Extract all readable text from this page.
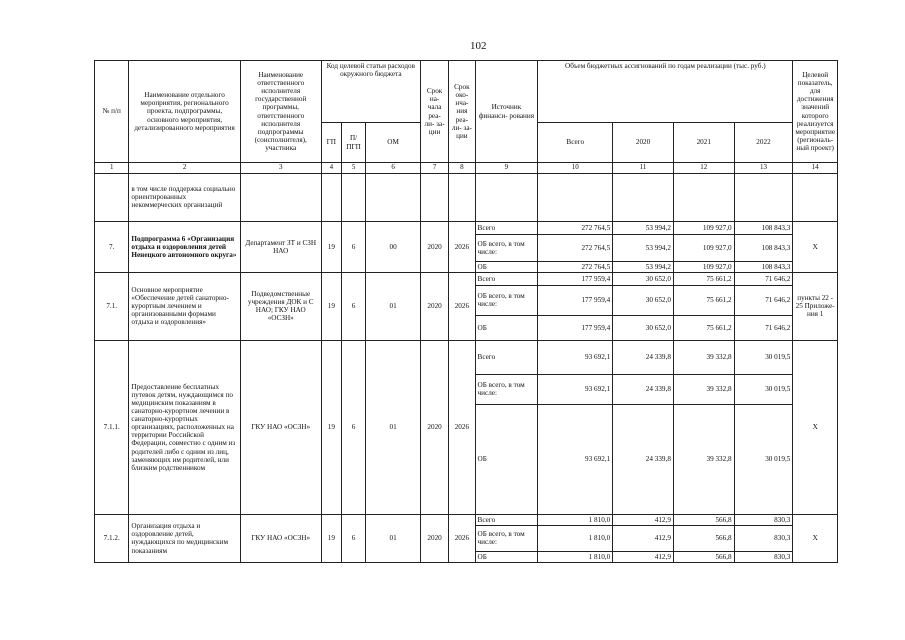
102
№ п/п	Наименование отдельного мероприятия, регионального проекта, подпрограммы, основного мероприятия, детализированного мероприятия	Наименование ответственного исполнителя государственной программы, ответственного исполнителя подпрограммы (соисполнителя), участника	Код целевой статьи расходов окружного бюджета			Срок на- чала реа- ли- за- ции	Срок око- нча- ния реа- ли- за- ции	Источник финанси- рования	Объем бюджетных ассигнований по годам реализации (тыс. руб.)				Целевой показатель, для достижения значений которого реализуется мероприятие (региональ- ный проект)
			ГП	П/ ПГП	ОМ				Всего	2020	2021	2022	
1	2	3	4	5	6	7	8	9	10	11	12	13	14
	в том числе поддержка социально ориентированных некоммерческих организаций												
7.	Подпрограмма 6 «Организация отдыха и оздоровления детей Ненецкого автономного округа»	Департамент ЗТ и СЗН НАО	19	6	00	2020	2026	Всего	272 764,5	53 994,2	109 927,0	108 843,3	Х
								ОБ всего, в том числе:	272 764,5	53 994,2	109 927,0	108 843,3	
								ОБ	272 764,5	53 994,2	109 927,0	108 843,3	
7.1.	Основное мероприятие «Обеспечение детей санаторно-курортным лечением и организованными формами отдыха и оздоровления»	Подведомственные учреждения ДОК и С НАО; ГКУ НАО «ОСЗН»	19	6	01	2020	2026	Всего	177 959,4	30 652,0	75 661,2	71 646,2	пункты 22 - 25 Приложе-ния 1
								ОБ всего, в том числе:	177 959,4	30 652,0	75 661,2	71 646,2	
								ОБ	177 959,4	30 652,0	75 661,2	71 646,2	
7.1.1.	Предоставление бесплатных путевок детям, нуждающимся по медицинским показаниям в санаторно-курортном лечении в санаторно-курортных организациях, расположенных на территории Российской Федерации, совместно с одним из родителей либо с одним из лиц, заменяющих им родителей, или близким родственником	ГКУ НАО «ОСЗН»	19	6	01	2020	2026	Всего	93 692,1	24 339,8	39 332,8	30 019,5	Х
								ОБ всего, в том числе:	93 692,1	24 339,8	39 332,8	30 019,5	
								ОБ	93 692,1	24 339,8	39 332,8	30 019,5	
7.1.2.	Организация отдыха и оздоровление детей, нуждающихся по медицинским показаниям	ГКУ НАО «ОСЗН»	19	6	01	2020	2026	Всего	1 810,0	412,9	566,8	830,3	Х
								ОБ всего, в том числе:	1 810,0	412,9	566,8	830,3	
								ОБ	1 810,0	412,9	566,8	830,3	
